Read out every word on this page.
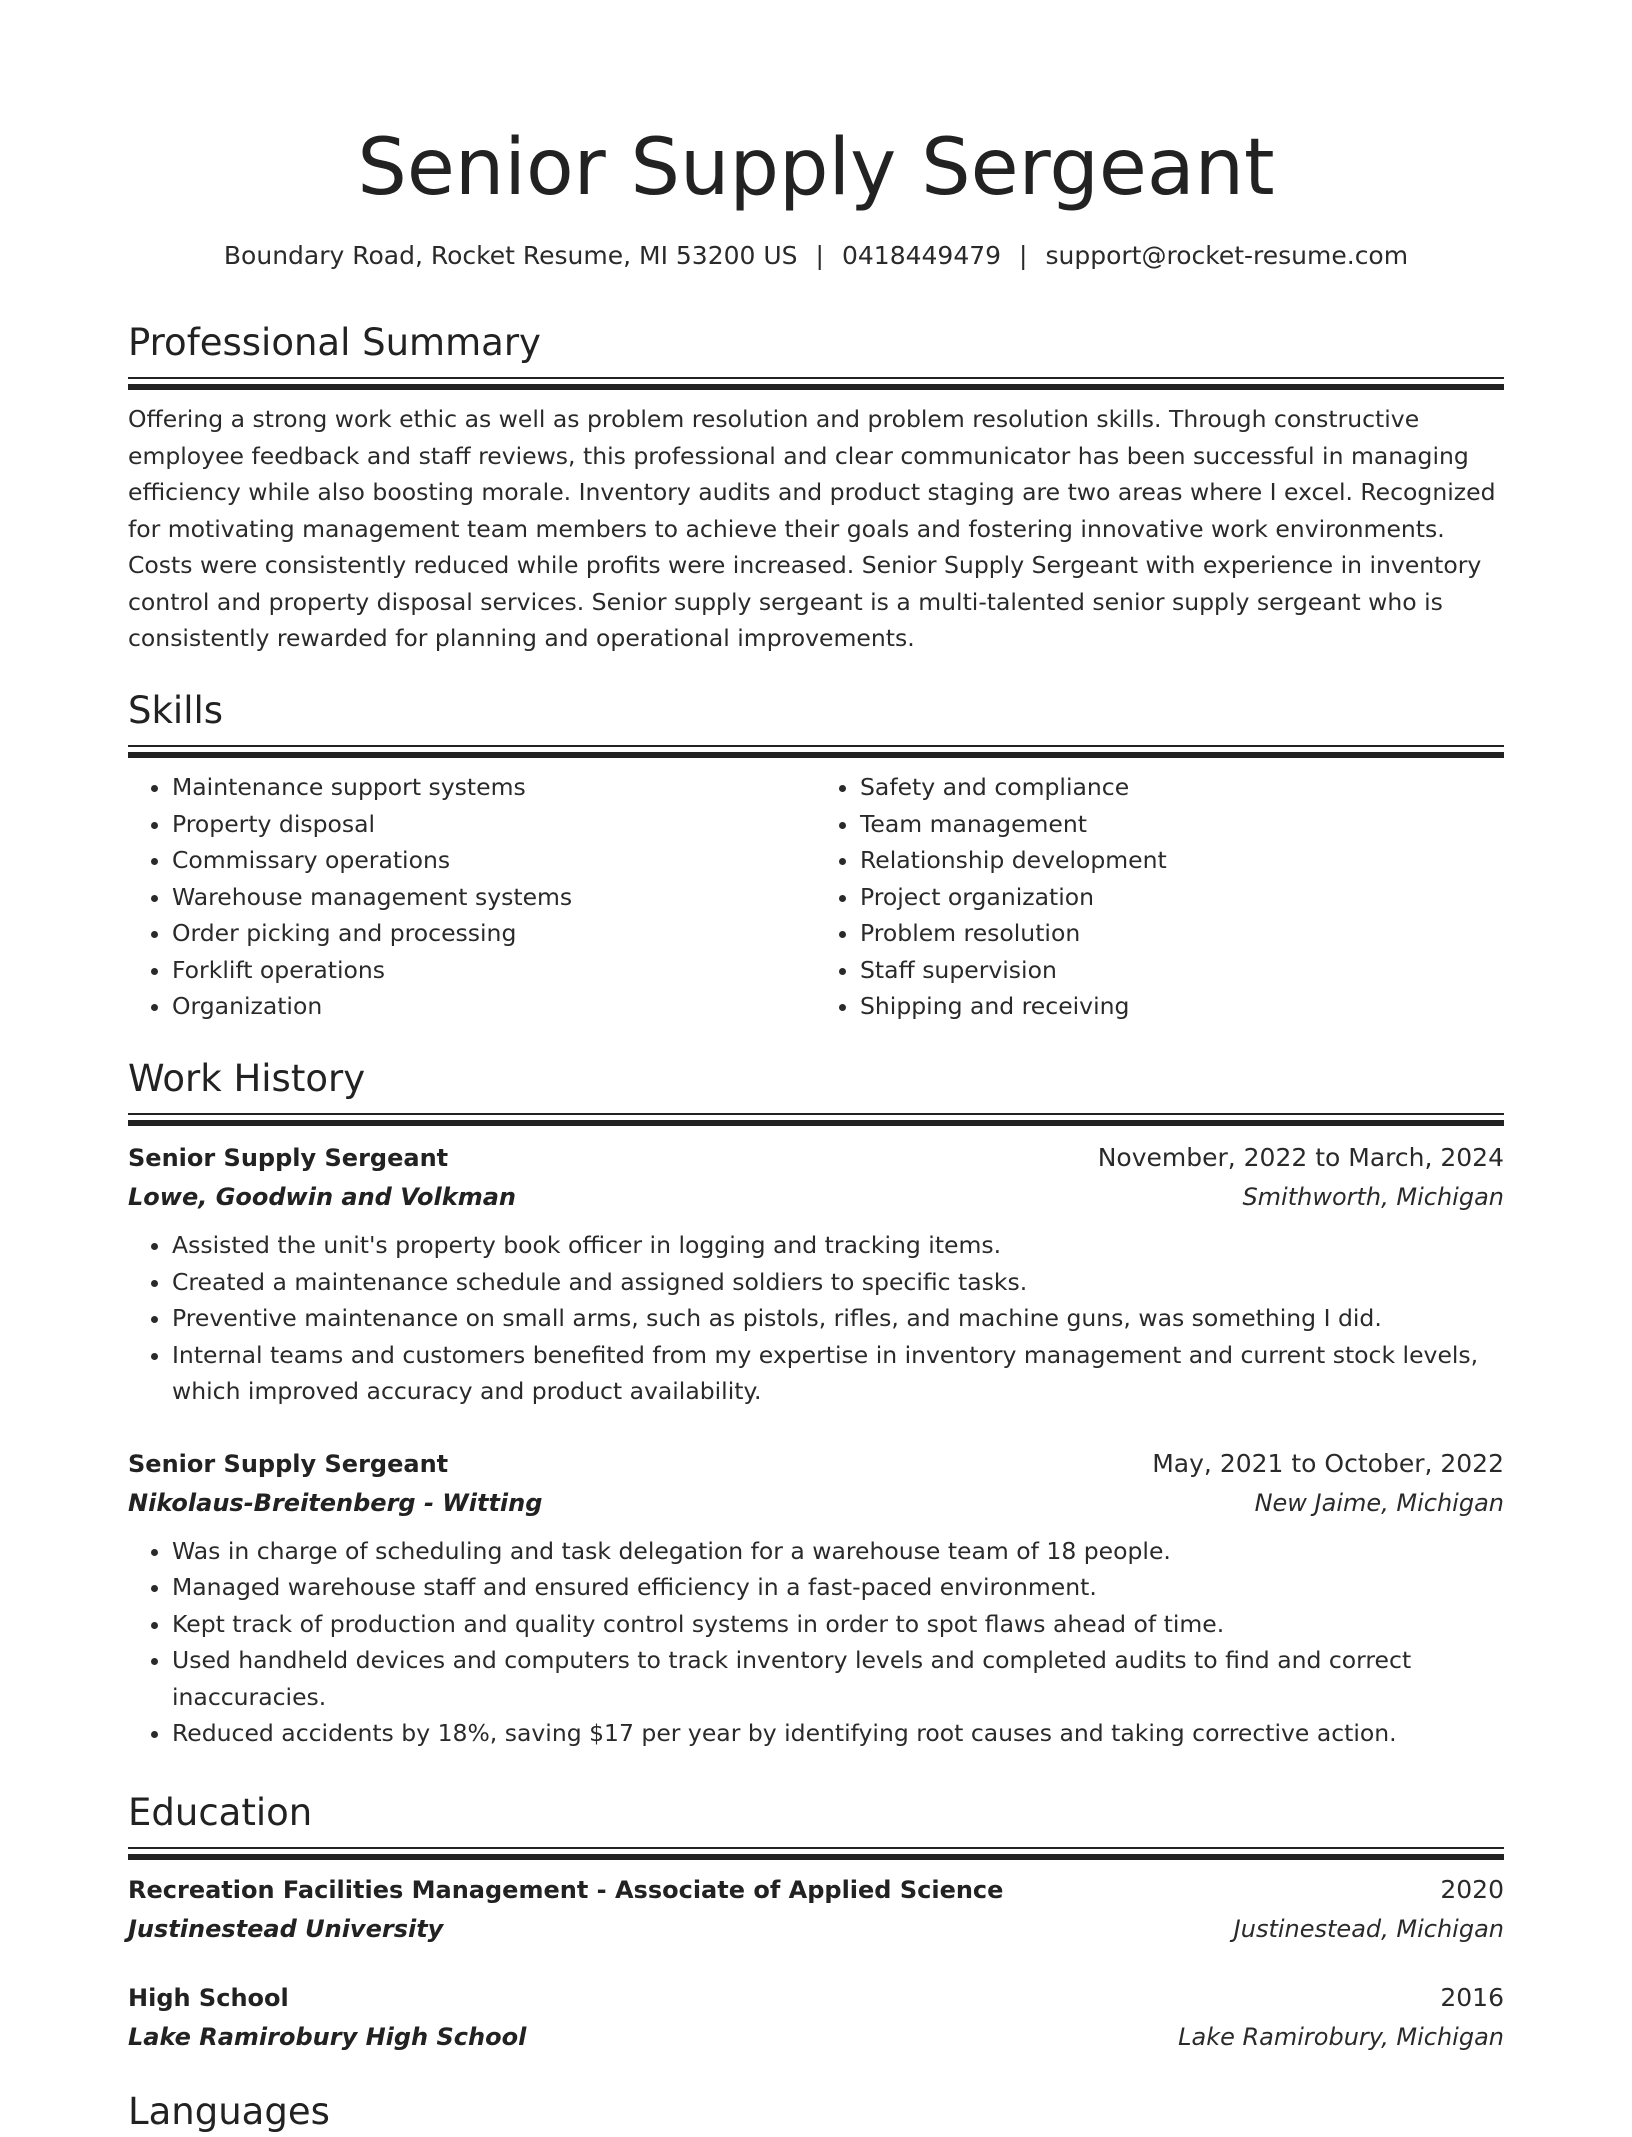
Senior Supply Sergeant
Boundary Road, Rocket Resume, MI 53200 US | 0418449479 | support@rocket-resume.com
Professional Summary
Offering a strong work ethic as well as problem resolution and problem resolution skills. Through constructive employee feedback and staff reviews, this professional and clear communicator has been successful in managing efficiency while also boosting morale. Inventory audits and product staging are two areas where I excel. Recognized for motivating management team members to achieve their goals and fostering innovative work environments. Costs were consistently reduced while profits were increased. Senior Supply Sergeant with experience in inventory control and property disposal services. Senior supply sergeant is a multi-talented senior supply sergeant who is consistently rewarded for planning and operational improvements.
Skills
• Maintenance support systems
• Property disposal
• Commissary operations
• Warehouse management systems
• Order picking and processing
• Forklift operations
• Organization
• Safety and compliance
• Team management
• Relationship development
• Project organization
• Problem resolution
• Staff supervision
• Shipping and receiving
Work History
Senior Supply Sergeant	November, 2022 to March, 2024
Lowe, Goodwin and Volkman	Smithworth, Michigan
• Assisted the unit's property book officer in logging and tracking items.
• Created a maintenance schedule and assigned soldiers to specific tasks.
• Preventive maintenance on small arms, such as pistols, rifles, and machine guns, was something I did.
• Internal teams and customers benefited from my expertise in inventory management and current stock levels, which improved accuracy and product availability.
Senior Supply Sergeant	May, 2021 to October, 2022
Nikolaus-Breitenberg - Witting	New Jaime, Michigan
• Was in charge of scheduling and task delegation for a warehouse team of 18 people.
• Managed warehouse staff and ensured efficiency in a fast-paced environment.
• Kept track of production and quality control systems in order to spot flaws ahead of time.
• Used handheld devices and computers to track inventory levels and completed audits to find and correct inaccuracies.
• Reduced accidents by 18%, saving $17 per year by identifying root causes and taking corrective action.
Education
Recreation Facilities Management - Associate of Applied Science	2020
Justinestead University	Justinestead, Michigan
High School	2016
Lake Ramirobury High School	Lake Ramirobury, Michigan
Languages
